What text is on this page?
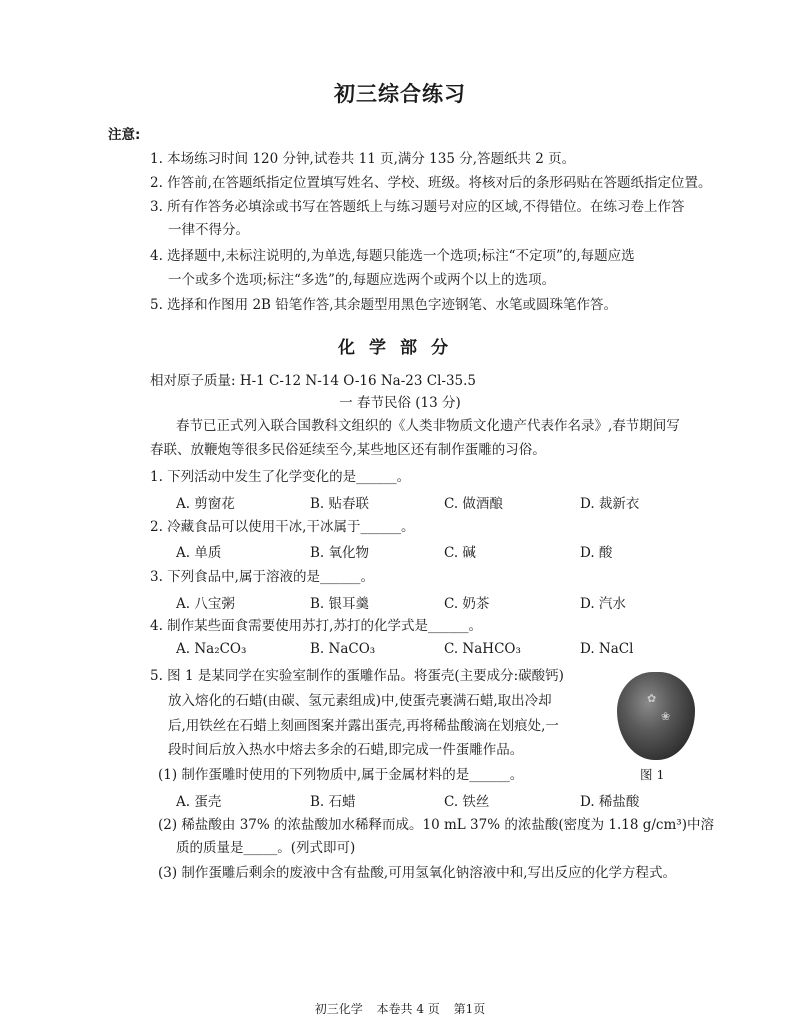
初三综合练习
注意:
1. 本场练习时间 120 分钟,试卷共 11 页,满分 135 分,答题纸共 2 页。
2. 作答前,在答题纸指定位置填写姓名、学校、班级。将核对后的条形码贴在答题纸指定位置。
3. 所有作答务必填涂或书写在答题纸上与练习题号对应的区域,不得错位。在练习卷上作答
一律不得分。
4. 选择题中,未标注说明的,为单选,每题只能选一个选项;标注“不定项”的,每题应选
一个或多个选项;标注“多选”的,每题应选两个或两个以上的选项。
5. 选择和作图用 2B 铅笔作答,其余题型用黑色字迹钢笔、水笔或圆珠笔作答。
化学部分
相对原子质量: H-1 C-12 N-14 O-16 Na-23 Cl-35.5
一 春节民俗 (13 分)
春节已正式列入联合国教科文组织的《人类非物质文化遗产代表作名录》,春节期间写
春联、放鞭炮等很多民俗延续至今,某些地区还有制作蛋雕的习俗。
1. 下列活动中发生了化学变化的是______。
A. 剪窗花	B. 贴春联	C. 做酒酿	D. 裁新衣
2. 冷藏食品可以使用干冰,干冰属于______。
A. 单质	B. 氧化物	C. 碱	D. 酸
3. 下列食品中,属于溶液的是______。
A. 八宝粥	B. 银耳羹	C. 奶茶	D. 汽水
4. 制作某些面食需要使用苏打,苏打的化学式是______。
A. Na₂CO₃	B. NaCO₃	C. NaHCO₃	D. NaCl
5. 图 1 是某同学在实验室制作的蛋雕作品。将蛋壳(主要成分:碳酸钙)
放入熔化的石蜡(由碳、氢元素组成)中,使蛋壳裹满石蜡,取出冷却
后,用铁丝在石蜡上刻画图案并露出蛋壳,再将稀盐酸滴在划痕处,一
段时间后放入热水中熔去多余的石蜡,即完成一件蛋雕作品。
✿
❀
图 1
(1) 制作蛋雕时使用的下列物质中,属于金属材料的是______。
A. 蛋壳	B. 石蜡	C. 铁丝	D. 稀盐酸
(2) 稀盐酸由 37% 的浓盐酸加水稀释而成。10 mL 37% 的浓盐酸(密度为 1.18 g/cm³)中溶
质的质量是_____。(列式即可)
(3) 制作蛋雕后剩余的废液中含有盐酸,可用氢氧化钠溶液中和,写出反应的化学方程式。
初三化学 本卷共 4 页 第1页
